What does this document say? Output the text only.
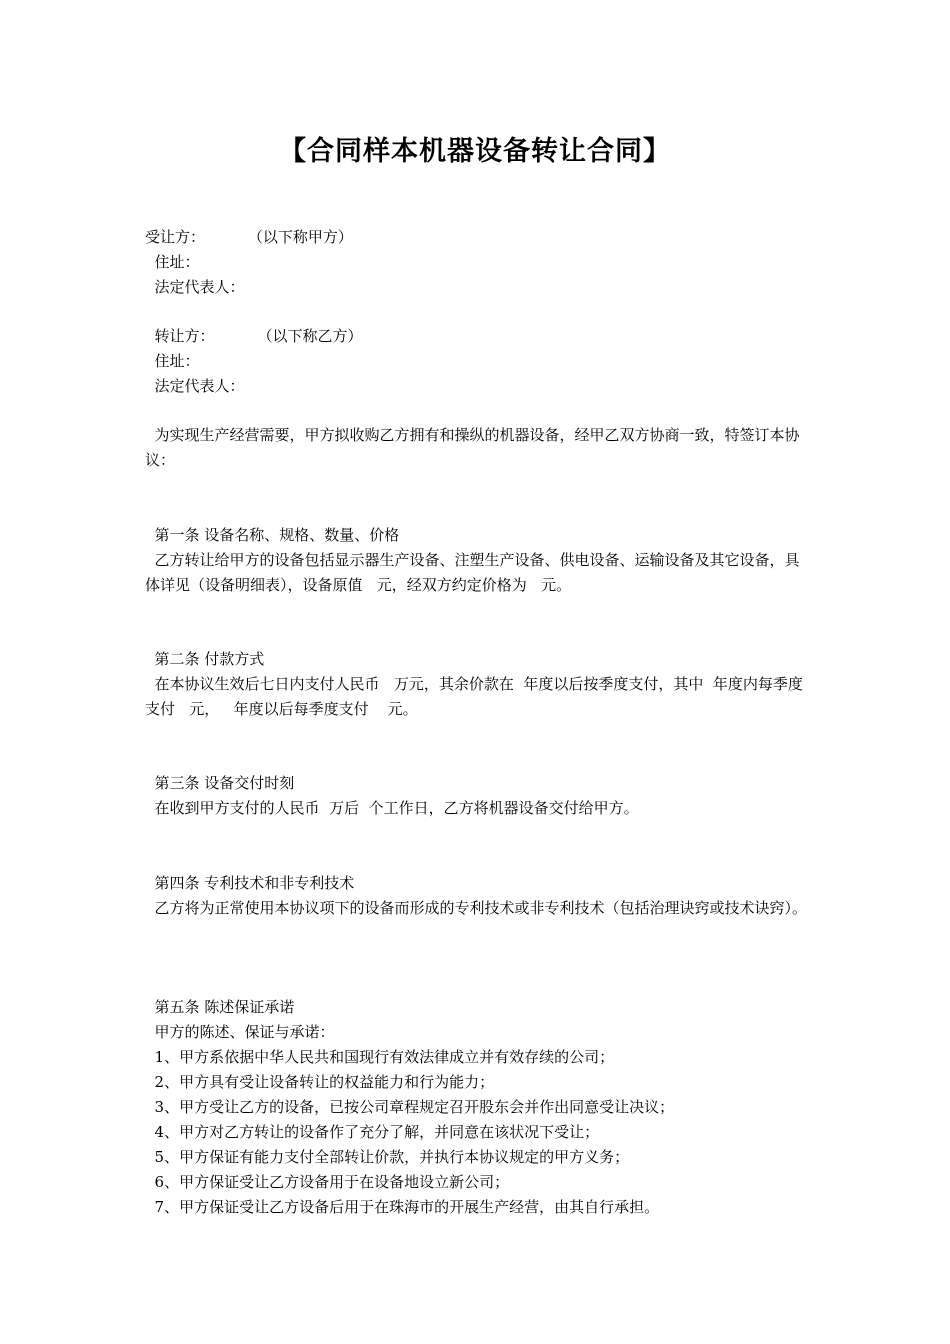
【合同样本机器设备转让合同】

受让方：         （以下称甲方）

住址：

法定代表人：

转让方：         （以下称乙方）

住址：

法定代表人：

为实现生产经营需要，甲方拟收购乙方拥有和操纵的机器设备，经甲乙双方协商一致，特签订本协议：

第一条 设备名称、规格、数量、价格

乙方转让给甲方的设备包括显示器生产设备、注塑生产设备、供电设备、运输设备及其它设备，具体详见（设备明细表），设备原值   元，经双方约定价格为   元。

第二条 付款方式

在本协议生效后七日内支付人民币   万元，其余价款在  年度以后按季度支付，其中  年度内每季度支付   元，   年度以后每季度支付    元。

第三条 设备交付时刻

在收到甲方支付的人民币  万后  个工作日，乙方将机器设备交付给甲方。

第四条 专利技术和非专利技术

乙方将为正常使用本协议项下的设备而形成的专利技术或非专利技术（包括治理诀窍或技术诀窍）。

第五条 陈述保证承诺

甲方的陈述、保证与承诺：

1、甲方系依据中华人民共和国现行有效法律成立并有效存续的公司；

2、甲方具有受让设备转让的权益能力和行为能力；

3、甲方受让乙方的设备，已按公司章程规定召开股东会并作出同意受让决议；

4、甲方对乙方转让的设备作了充分了解，并同意在该状况下受让；

5、甲方保证有能力支付全部转让价款，并执行本协议规定的甲方义务；

6、甲方保证受让乙方设备用于在设备地设立新公司；

7、甲方保证受让乙方设备后用于在珠海市的开展生产经营，由其自行承担。
